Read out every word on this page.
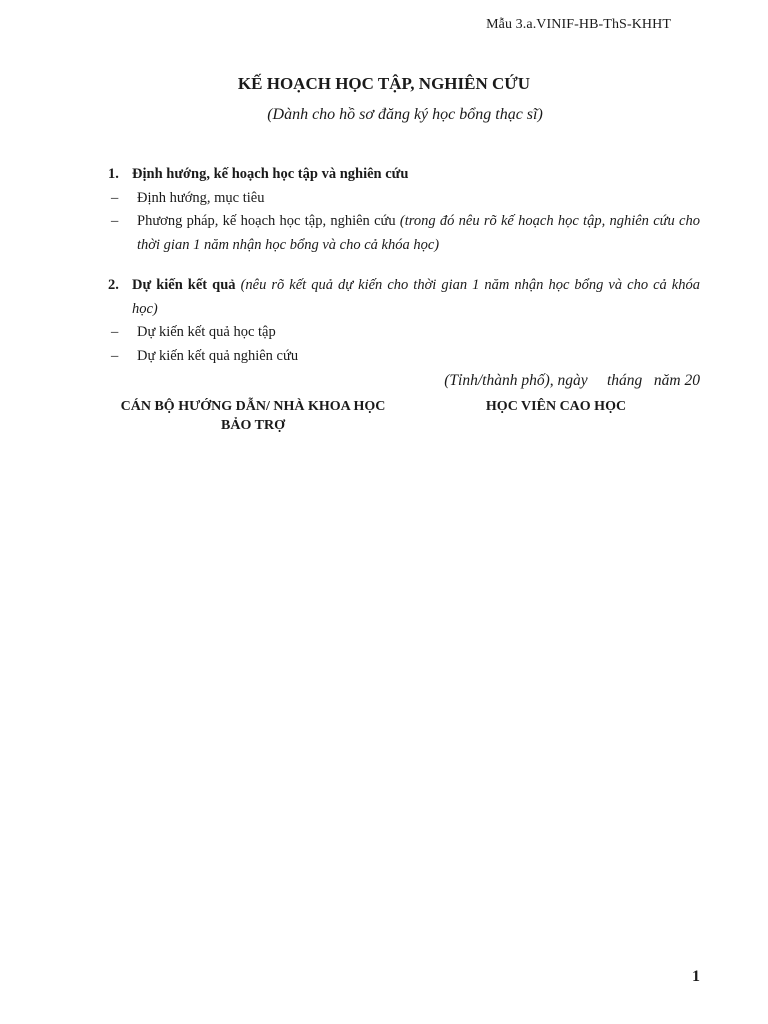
Mẫu 3.a.VINIF-HB-ThS-KHHT
KẾ HOẠCH HỌC TẬP, NGHIÊN CỨU
(Dành cho hồ sơ đăng ký học bổng thạc sĩ)
1. Định hướng, kế hoạch học tập và nghiên cứu
–	Định hướng, mục tiêu
–	Phương pháp, kế hoạch học tập, nghiên cứu (trong đó nêu rõ kế hoạch học tập, nghiên cứu cho thời gian 1 năm nhận học bổng và cho cả khóa học)
2. Dự kiến kết quả (nêu rõ kết quả dự kiến cho thời gian 1 năm nhận học bổng và cho cả khóa học)
–	Dự kiến kết quả học tập
–	Dự kiến kết quả nghiên cứu
(Tỉnh/thành phố), ngày     tháng   năm 20
CÁN BỘ HƯỚNG DẪN/ NHÀ KHOA HỌC BẢO TRỢ
HỌC VIÊN CAO HỌC
1
